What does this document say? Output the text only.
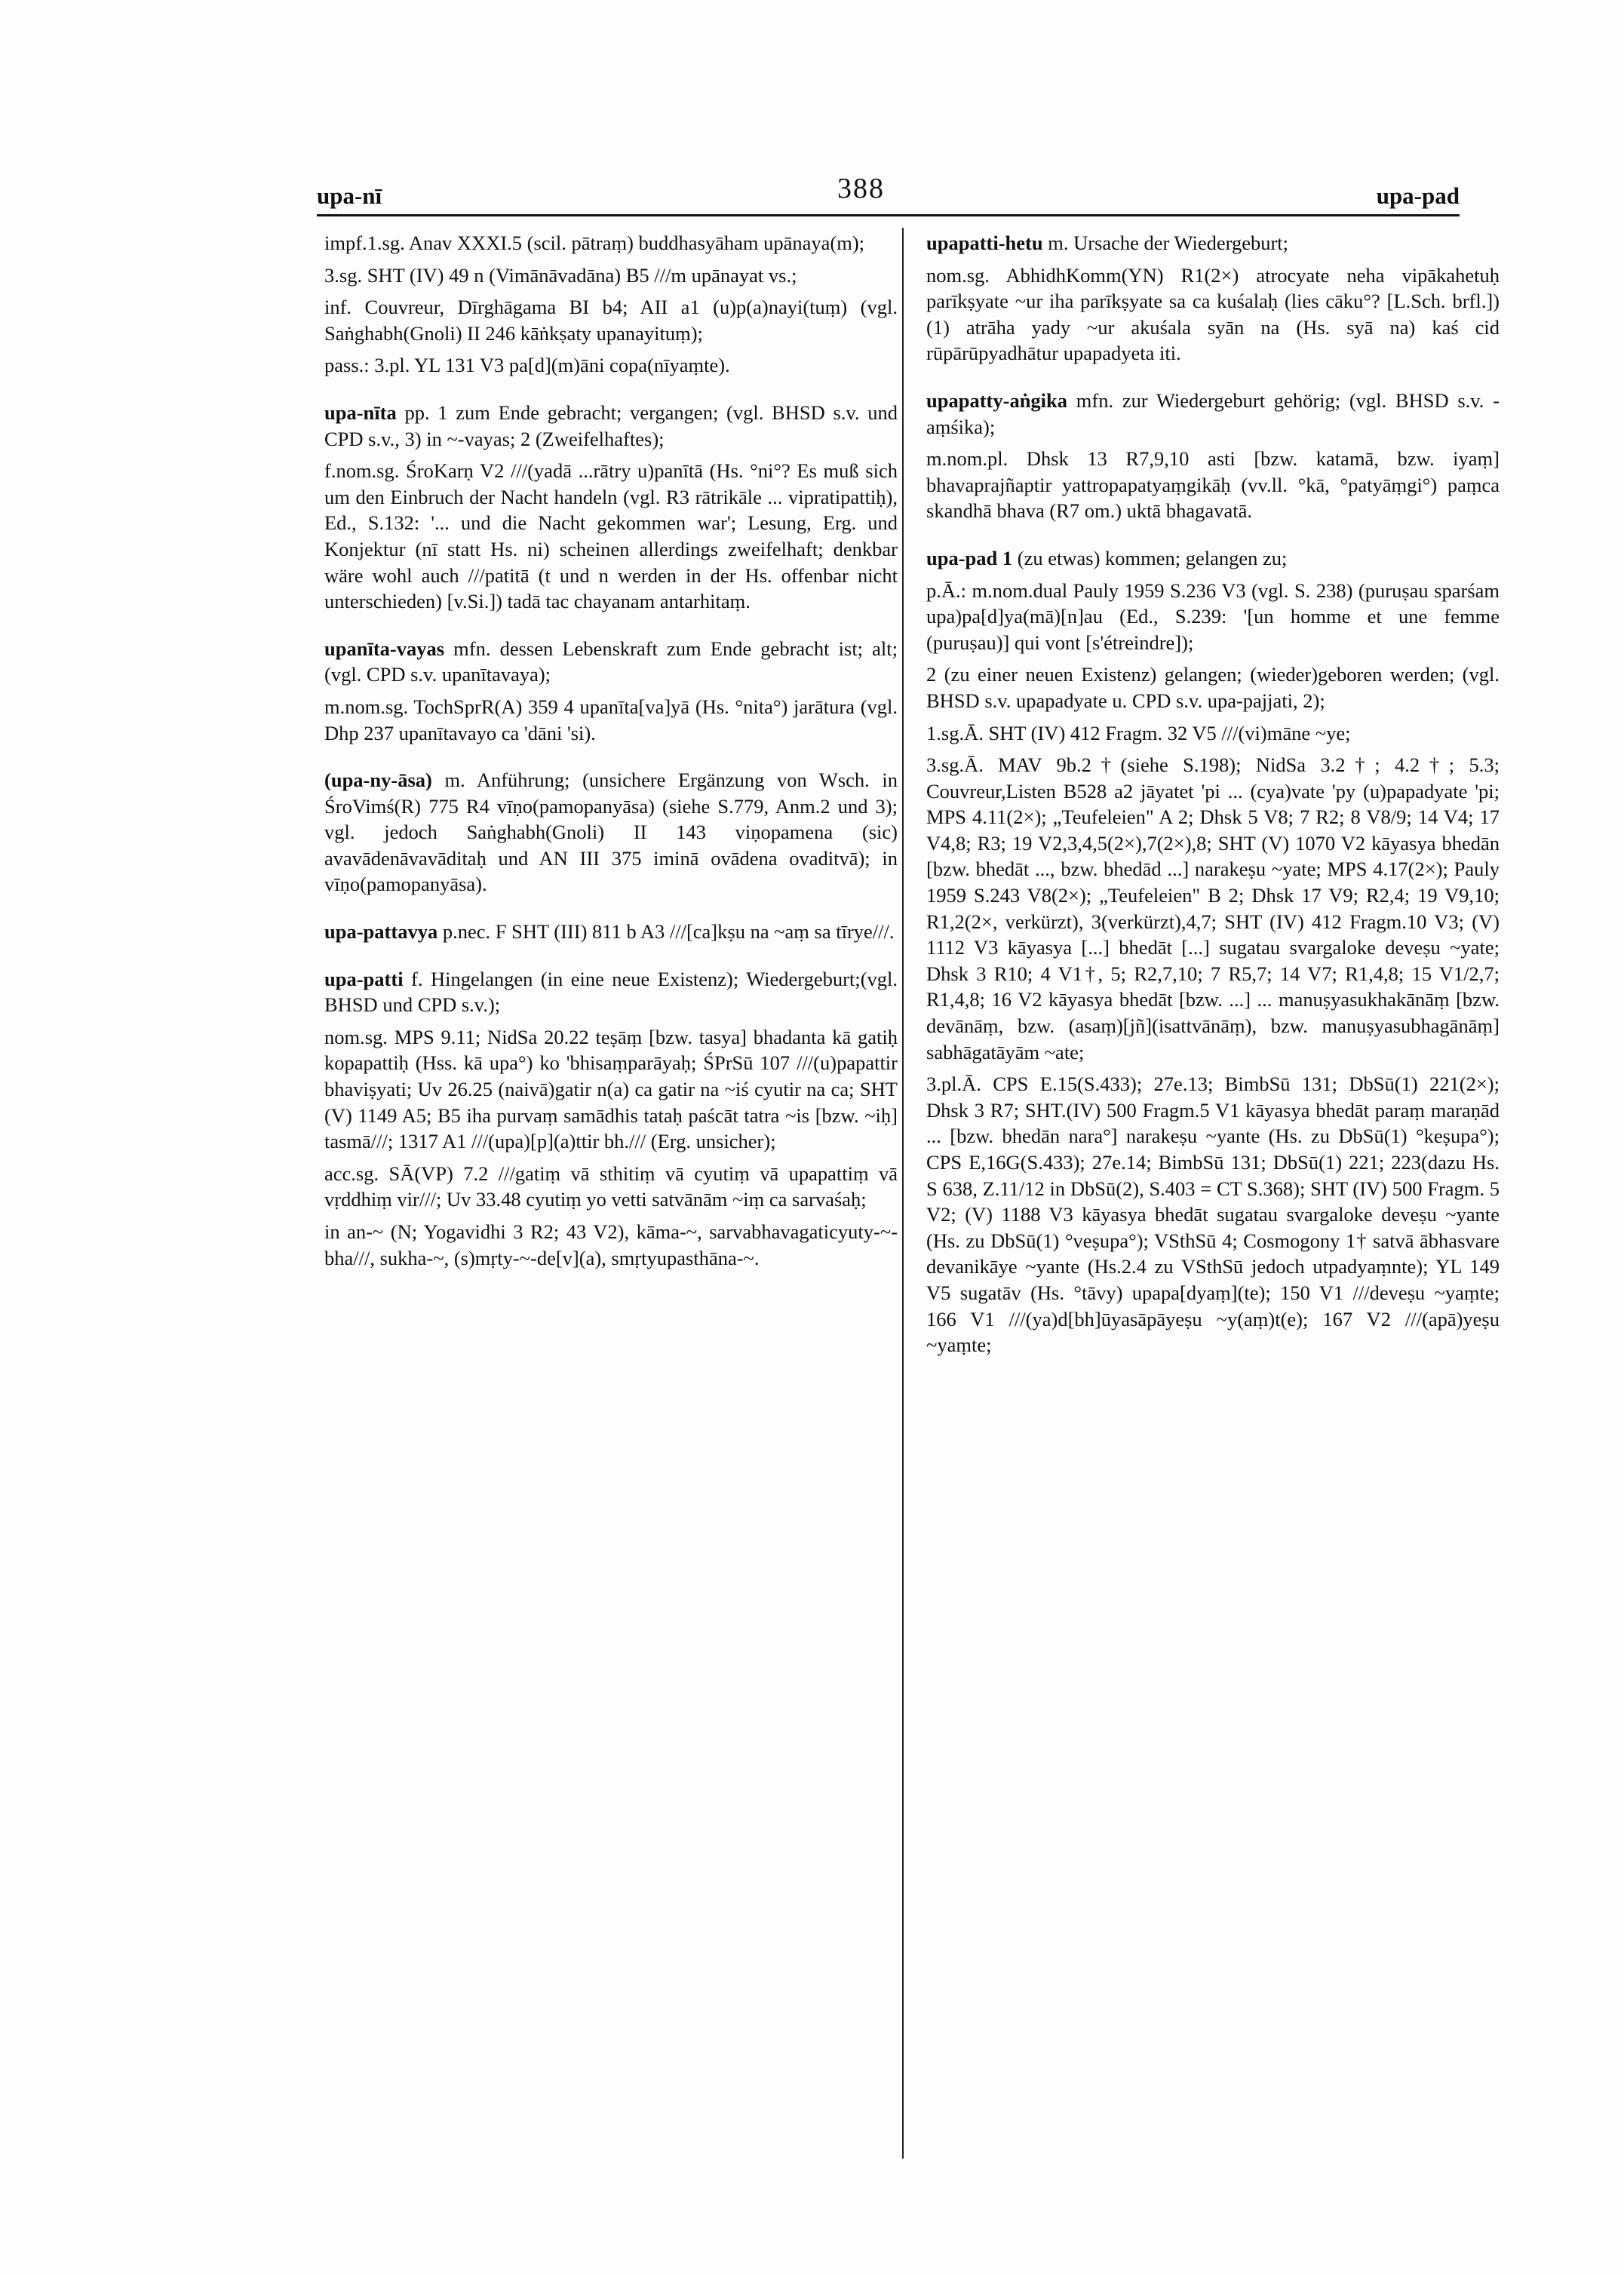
upa-nī	388	upa-pad
impf.1.sg. Anav XXXI.5 (scil. pātraṃ) buddhasyāham upānaya(m);
3.sg. SHT (IV) 49 n (Vimānāvadāna) B5 ///m upānayat vs.;
inf. Couvreur, Dīrghāgama BI b4; AII a1 (u)p(a)nayi(tuṃ) (vgl. Saṅghabh(Gnoli) II 246 kāṅkṣaty upanayituṃ);
pass.: 3.pl. YL 131 V3 pa[d](m)āni copa(nīyaṃte).
upa-nīta pp. 1 zum Ende gebracht; vergangen; (vgl. BHSD s.v. und CPD s.v., 3) in ~-vayas; 2 (Zweifelhaftes);
f.nom.sg. ŚroKarṇ V2 ///(yadā ...rātry u)panītā (Hs. °ni°? Es muß sich um den Einbruch der Nacht handeln (vgl. R3 rātrikāle ... vipratipattiḥ), Ed., S.132: '... und die Nacht gekommen war'; Lesung, Erg. und Konjektur (nī statt Hs. ni) scheinen allerdings zweifelhaft; denkbar wäre wohl auch ///patitā (t und n werden in der Hs. offenbar nicht unterschieden) [v.Si.]) tadā tac chayanam antarhitaṃ.
upanīta-vayas mfn. dessen Lebenskraft zum Ende gebracht ist; alt; (vgl. CPD s.v. upanītavaya);
m.nom.sg. TochSprR(A) 359 4 upanīta[va]yā (Hs. °nita°) jarātura (vgl. Dhp 237 upanītavayo ca 'dāni 'si).
(upa-ny-āsa) m. Anführung; (unsichere Ergänzung von Wsch. in ŚroVimś(R) 775 R4 vīṇo(pamopanyāsa) (siehe S.779, Anm.2 und 3); vgl. jedoch Saṅghabh(Gnoli) II 143 viṇopamena (sic) avavādenāvavāditaḥ und AN III 375 iminā ovādena ovaditvā); in vīṇo(pamopanyāsa).
upa-pattavya p.nec. F SHT (III) 811 b A3 ///[ca]kṣu na ~aṃ sa tīrye///.
upa-patti f. Hingelangen (in eine neue Existenz); Wiedergeburt;(vgl. BHSD und CPD s.v.);
nom.sg. MPS 9.11; NidSa 20.22 teṣāṃ [bzw. tasya] bhadanta kā gatiḥ kopapattiḥ (Hss. kā upa°) ko 'bhisaṃparāyaḥ; ŚPrSū 107 ///(u)papattir bhaviṣyati; Uv 26.25 (naivā)gatir n(a) ca gatir na ~iś cyutir na ca; SHT (V) 1149 A5; B5 iha purvaṃ samādhis tataḥ paścāt tatra ~is [bzw. ~iḥ] tasmā///; 1317 A1 ///(upa)[p](a)ttir bh./// (Erg. unsicher);
acc.sg. SĀ(VP) 7.2 ///gatiṃ vā sthitiṃ vā cyutiṃ vā upapattiṃ vā vṛddhiṃ vir///; Uv 33.48 cyutiṃ yo vetti satvānām ~iṃ ca sarvaśaḥ;
in an-~ (N; Yogavidhi 3 R2; 43 V2), kāma-~, sarvabhavagaticyuty-~-bha///, sukha-~, (s)mṛty-~-de[v](a), smṛtyupasthāna-~.
upapatti-hetu m. Ursache der Wiedergeburt;
nom.sg. AbhidhKomm(YN) R1(2×) atrocyate neha vipākahetuḥ parīkṣyate ~ur iha parīkṣyate sa ca kuśalaḥ (lies cāku°? [L.Sch. brfl.]) (1) atrāha yady ~ur akuśala syān na (Hs. syā na) kaś cid rūpārūpyadhātur upapadyeta iti.
upapatty-aṅgika mfn. zur Wiedergeburt gehörig; (vgl. BHSD s.v. -aṃśika);
m.nom.pl. Dhsk 13 R7,9,10 asti [bzw. katamā, bzw. iyaṃ] bhavaprajñaptir yattropapatyaṃgikāḥ (vv.ll. °kā, °patyāṃgi°) paṃca skandhā bhava (R7 om.) uktā bhagavatā.
upa-pad 1 (zu etwas) kommen; gelangen zu;
p.Ā.: m.nom.dual Pauly 1959 S.236 V3 (vgl. S. 238) (puruṣau sparśam upa)pa[d]ya(mā)[n]au (Ed., S.239: '[un homme et une femme (puruṣau)] qui vont [s'étreindre]);
2 (zu einer neuen Existenz) gelangen; (wieder)geboren werden; (vgl. BHSD s.v. upapadyate u. CPD s.v. upa-pajjati, 2);
1.sg.Ā. SHT (IV) 412 Fragm. 32 V5 ///(vi)māne ~ye;
3.sg.Ā. MAV 9b.2†(siehe S.198); NidSa 3.2†; 4.2†; 5.3; Couvreur,Listen B528 a2 jāyatet 'pi ... (cya)vate 'py (u)papadyate 'pi; MPS 4.11(2×); „Teufeleien" A 2; Dhsk 5 V8; 7 R2; 8 V8/9; 14 V4; 17 V4,8; R3; 19 V2,3,4,5(2×),7(2×),8; SHT (V) 1070 V2 kāyasya bhedān [bzw. bhedāt ..., bzw. bhedād ...] narakeṣu ~yate; MPS 4.17(2×); Pauly 1959 S.243 V8(2×); „Teufeleien" B 2; Dhsk 17 V9; R2,4; 19 V9,10; R1,2(2×, verkürzt), 3(verkürzt),4,7; SHT (IV) 412 Fragm.10 V3; (V) 1112 V3 kāyasya [...] bhedāt [...] sugatau svargaloke deveṣu ~yate; Dhsk 3 R10; 4 V1†, 5; R2,7,10; 7 R5,7; 14 V7; R1,4,8; 15 V1/2,7; R1,4,8; 16 V2 kāyasya bhedāt [bzw. ...] ... manuṣyasukhakānāṃ [bzw. devānāṃ, bzw. (asaṃ)[jñ](isattvānāṃ), bzw. manuṣyasubhagānāṃ] sabhāgatāyām ~ate;
3.pl.Ā. CPS E.15(S.433); 27e.13; BimbSū 131; DbSū(1) 221(2×); Dhsk 3 R7; SHT.(IV) 500 Fragm.5 V1 kāyasya bhedāt paraṃ maraṇād ... [bzw. bhedān nara°] narakeṣu ~yante (Hs. zu DbSū(1) °keṣupa°); CPS E,16G(S.433); 27e.14; BimbSū 131; DbSū(1) 221; 223(dazu Hs. S 638, Z.11/12 in DbSū(2), S.403 = CT S.368); SHT (IV) 500 Fragm. 5 V2; (V) 1188 V3 kāyasya bhedāt sugatau svargaloke deveṣu ~yante (Hs. zu DbSū(1) °veṣupa°); VSthSū 4; Cosmogony 1† satvā ābhasvare devanikāye ~yante (Hs.2.4 zu VSthSū jedoch utpadyaṃnte); YL 149 V5 sugatāv (Hs. °tāvy) upapa[dyaṃ](te); 150 V1 ///deveṣu ~yaṃte; 166 V1 ///(ya)d[bh]ūyasāpāyeṣu ~y(aṃ)t(e); 167 V2 ///(apā)yeṣu ~yaṃte;
